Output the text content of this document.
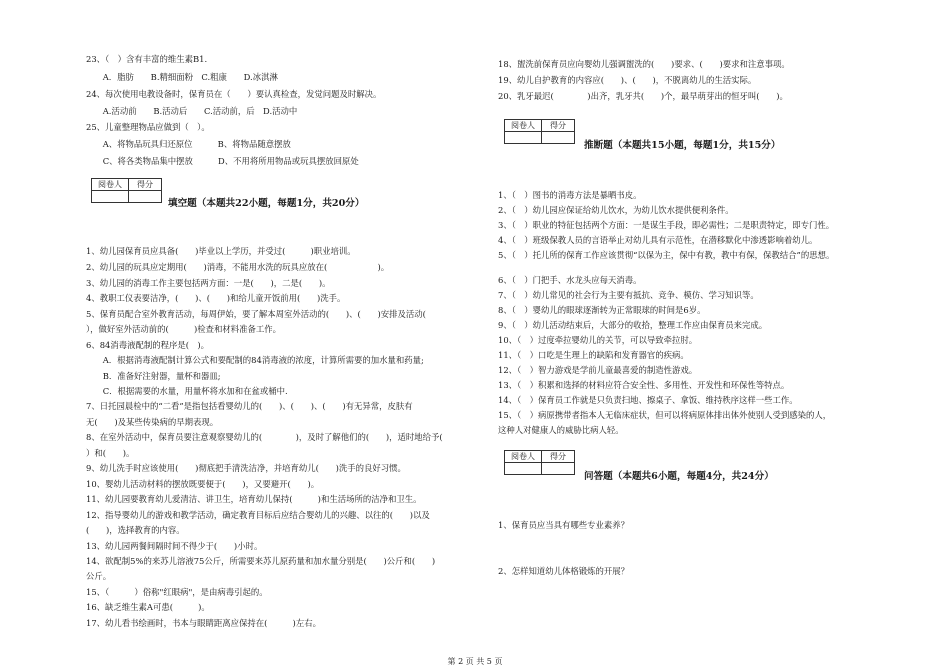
23、（　）含有丰富的维生素B1.
　　A．脂肪　　B.精细面粉　C.粗康　　D.冰淇淋
24、每次使用电教设备时，保育员在（　　）要认真检查，发觉问题及时解决。
　　A.活动前　　B.活动后　　C.活动前，后　D.活动中
25、儿童整理物品应做到（　）。
　　A、将物品玩具归还原位　　　B、将物品随意摆放
　　C、将各类物品集中摆放　　　D、不用将所用物品或玩具摆放回原处
阅卷人	得分

填空题（本题共22小题，每题1分，共20分）
1、幼儿园保育员应具备(　　)毕业以上学历，并受过(　　　)职业培训。
2、幼儿园的玩具应定期用(　　)消毒，不能用水洗的玩具应放在(　　　　　　)。
3、幼儿园的消毒工作主要包括两方面：一是(　　)，二是(　　)。
4、教职工仪表要洁净，(　　)、(　　)和给儿童开饭前用(　　)洗手。
5、保育员配合室外教育活动，每周伊始，要了解本周室外活动的(　　)、(　　)安排及活动(
），做好室外活动前的(　　　)检查和材料准备工作。
6、84消毒液配制的程序是(　)。
　　A．根据消毒液配制计算公式和要配制的84消毒液的浓度，计算所需要的加水量和药量;
　　B．准备好注射器，量杯和器皿;
　　C．根据需要的水量，用量杯将水加和在盆或桶中.
7、日托园晨检中的“二看”是指包括看婴幼儿的(　　)、(　　)、(　　)有无异常，皮肤有
无(　　)及某些传染病的早期表现。
8、在室外活动中，保育员要注意观察婴幼儿的(　　　　)，及时了解他们的(　　)，适时地给予(
）和(　　)。
9、幼儿洗手时应该使用(　　)彻底把手清洗洁净，并培育幼儿(　　)洗手的良好习惯。
10、婴幼儿活动材料的摆放既要便于(　　)，又要避开(　　)。
11、幼儿园要教育幼儿爱清洁、讲卫生，培育幼儿保持(　　　)和生活场所的洁净和卫生。
12、指导婴幼儿的游戏和教学活动，确定教育目标后应结合婴幼儿的兴趣、以往的(　　)以及
(　　)，选择教育的内容。
13、幼儿园两餐间隔时间不得少于(　　)小时。
14、欲配制5%的来苏儿溶液75公斤，所需要来苏儿原药量和加水量分别是(　　)公斤和(　　)
公斤。
15、（　　　）俗称"红眼病"，是由病毒引起的。
16、缺乏维生素A可患(　　　)。
17、幼儿看书绘画时，书本与眼睛距离应保持在(　　　)左右。
18、盥洗前保育员应向婴幼儿强调盥洗的(　　)要求、(　　)要求和注意事项。
19、幼儿自护教育的内容应(　　)、(　　)，不脱离幼儿的生活实际。
20、乳牙最迟(　　　　)出齐，乳牙共(　　)个，最早萌芽出的恒牙叫(　　)。
阅卷人	得分

推断题（本题共15小题，每题1分，共15分）
1、（　）图书的消毒方法是暴晒书皮。
2、（　）幼儿园应保证给幼儿饮水，为幼儿饮水提供便利条件。
3、（　）职业的特征包括两个方面：一是谋生手段，即必需性；二是职责特定，即专门性。
4、（　）班级保教人员的言语举止对幼儿具有示范性，在潜移默化中渗透影响着幼儿。
5、（　）托儿所的保育工作应该贯彻“以保为主，保中有教，教中有保，保教结合”的思想。
6、（　）门把手、水龙头应每天消毒。
7、（　）幼儿常见的社会行为主要有抵抗、竞争、模仿、学习知识等。
8、（　）婴幼儿的眼球逐渐转为正常眼球的时间是6岁。
9、（　）幼儿活动结束后，大部分的收拾，整理工作应由保育员来完成。
10、（　）过度牵拉婴幼儿的关节，可以导致牵拉肘。
11、（　）口吃是生理上的缺陷和发育器官的疾病。
12、（　）智力游戏是学前儿童最喜爱的制造性游戏。
13、（　）积累和选择的材料应符合安全性、多用性、开发性和环保性等特点。
14、（　）保育员工作就是只负责扫地、擦桌子、拿饭、维持秩序这样一些工作。
15、（　）病原携带者指本人无临床症状，但可以将病原体排出体外使别人受到感染的人，
这种人对健康人的威胁比病人轻。
阅卷人	得分

问答题（本题共6小题，每题4分，共24分）
1、保育员应当具有哪些专业素养？
2、怎样知道幼儿体格锻炼的开展？
第 2 页 共 5 页
